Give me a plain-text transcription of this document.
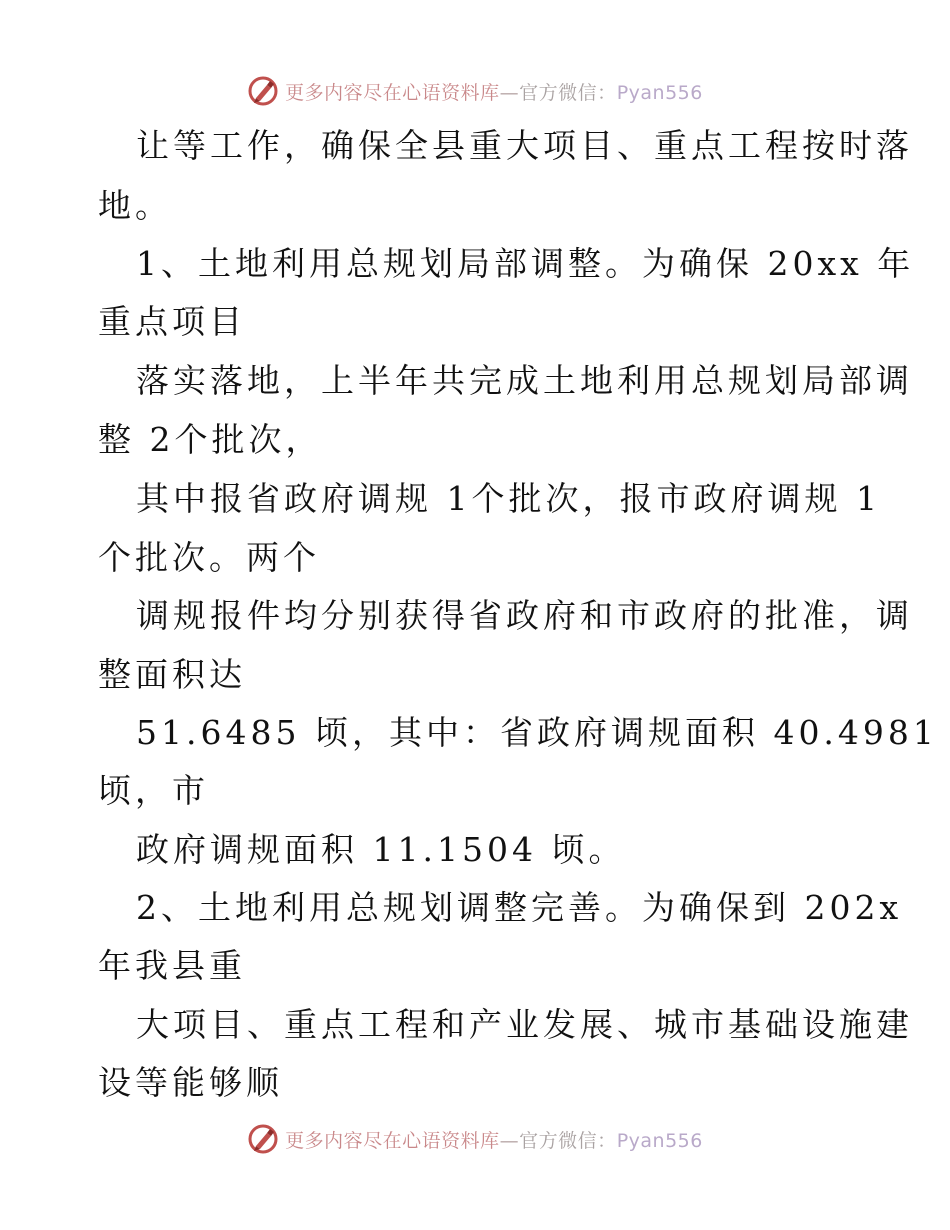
更多内容尽在心语资料库—官方微信：Pyan556
让等工作，确保全县重大项目、重点工程按时落
地。
1、土地利用总规划局部调整。为确保 20xx 年
重点项目
落实落地，上半年共完成土地利用总规划局部调
整 2个批次，
其中报省政府调规 1个批次，报市政府调规 1
个批次。两个
调规报件均分别获得省政府和市政府的批准，调
整面积达
51.6485 顷，其中：省政府调规面积 40.4981
顷，市
政府调规面积 11.1504 顷。
2、土地利用总规划调整完善。为确保到 202x
年我县重
大项目、重点工程和产业发展、城市基础设施建
设等能够顺
更多内容尽在心语资料库—官方微信：Pyan556
